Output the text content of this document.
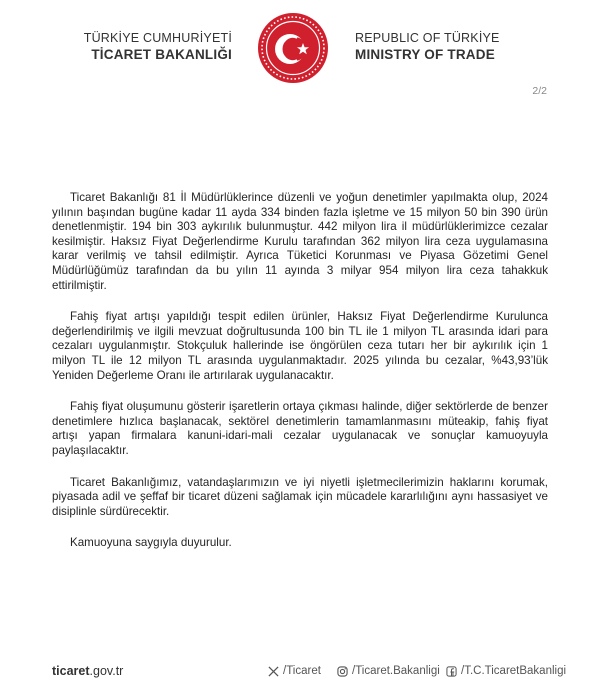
TÜRKİYE CUMHURİYETİ
TİCARET BAKANLIĞI
REPUBLIC OF TÜRKİYE
MINISTRY OF TRADE
2/2

Ticaret Bakanlığı 81 İl Müdürlüklerince düzenli ve yoğun denetimler yapılmakta olup, 2024 yılının başından bugüne kadar 11 ayda 334 binden fazla işletme ve 15 milyon 50 bin 390 ürün denetlenmiştir. 194 bin 303 aykırılık bulunmuştur. 442 milyon lira il müdürlüklerimizce cezalar kesilmiştir. Haksız Fiyat Değerlendirme Kurulu tarafından 362 milyon lira ceza uygulamasına karar verilmiş ve tahsil edilmiştir. Ayrıca Tüketici Korunması ve Piyasa Gözetimi Genel Müdürlüğümüz tarafından da bu yılın 11 ayında 3 milyar 954 milyon lira ceza tahakkuk ettirilmiştir.

Fahiş fiyat artışı yapıldığı tespit edilen ürünler, Haksız Fiyat Değerlendirme Kurulunca değerlendirilmiş ve ilgili mevzuat doğrultusunda 100 bin TL ile 1 milyon TL arasında idari para cezaları uygulanmıştır. Stokçuluk hallerinde ise öngörülen ceza tutarı her bir aykırılık için 1 milyon TL ile 12 milyon TL arasında uygulanmaktadır. 2025 yılında bu cezalar, %43,93’lük Yeniden Değerleme Oranı ile artırılarak uygulanacaktır.

Fahiş fiyat oluşumunu gösterir işaretlerin ortaya çıkması halinde, diğer sektörlerde de benzer denetimlere hızlıca başlanacak, sektörel denetimlerin tamamlanmasını müteakip, fahiş fiyat artışı yapan firmalara kanuni-idari-mali cezalar uygulanacak ve sonuçlar kamuoyuyla paylaşılacaktır.

Ticaret Bakanlığımız, vatandaşlarımızın ve iyi niyetli işletmecilerimizin haklarını korumak, piyasada adil ve şeffaf bir ticaret düzeni sağlamak için mücadele kararlılığını aynı hassasiyet ve disiplinle sürdürecektir.

Kamuoyuna saygıyla duyurulur.

ticaret.gov.tr	/Ticaret	/Ticaret.Bakanligi /T.C.TicaretBakanligi
